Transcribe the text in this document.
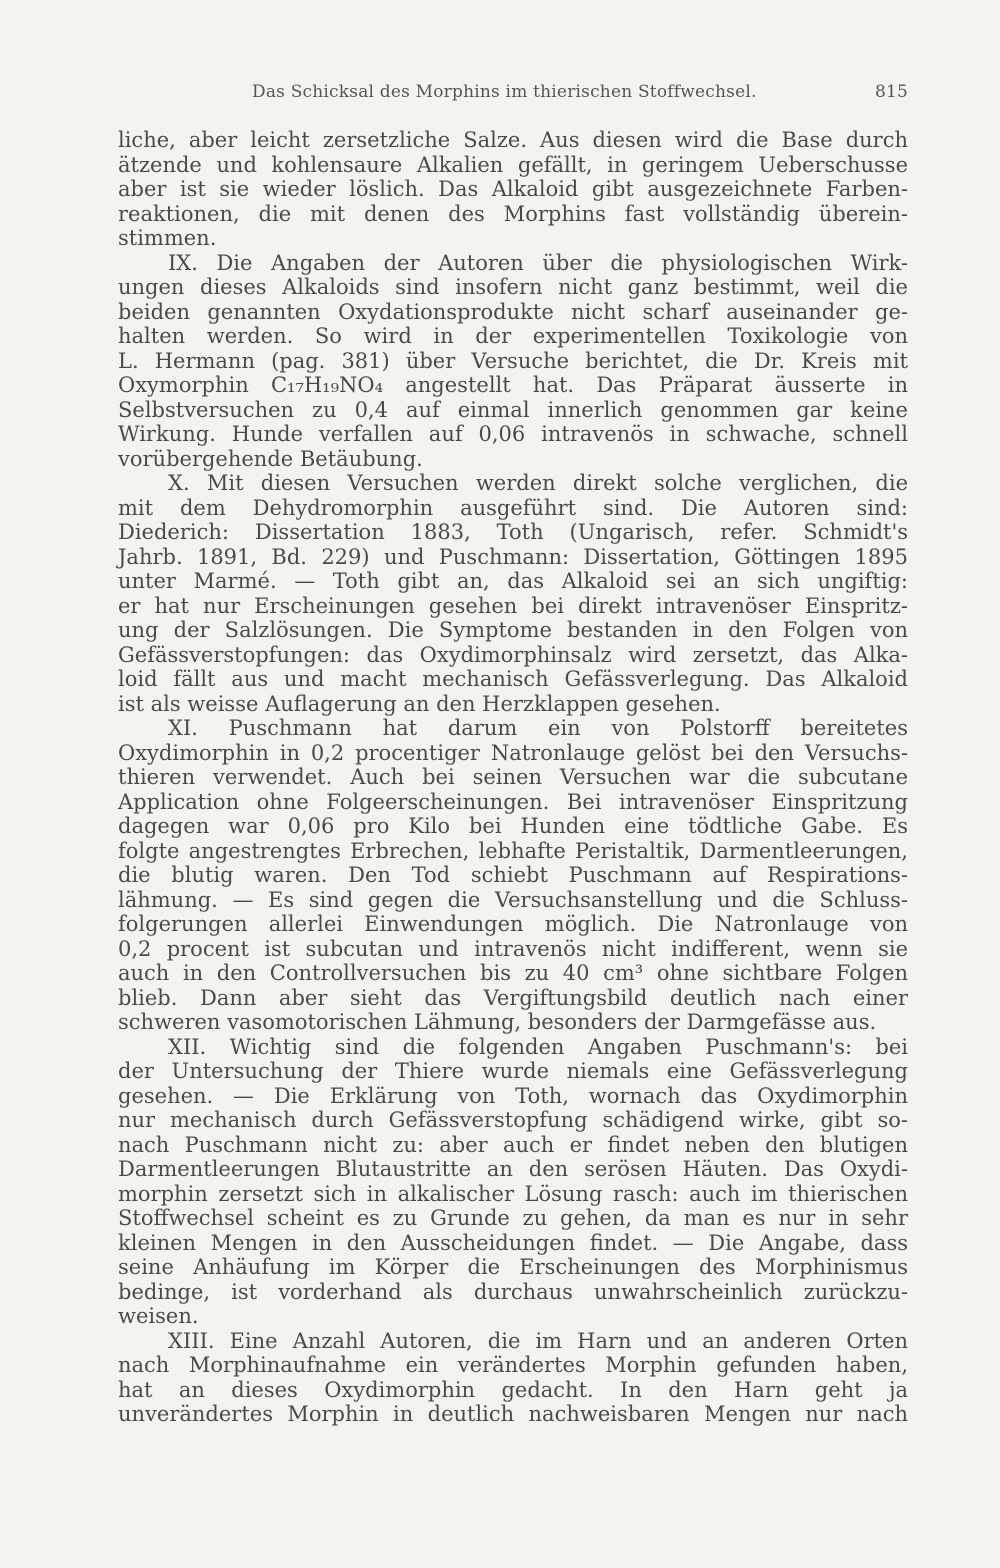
Das Schicksal des Morphins im thierischen Stoffwechsel.	815
liche, aber leicht zersetzliche Salze. Aus diesen wird die Base durch
ätzende und kohlensaure Alkalien gefällt, in geringem Ueberschusse
aber ist sie wieder löslich. Das Alkaloid gibt ausgezeichnete Farben-
reaktionen, die mit denen des Morphins fast vollständig überein-
stimmen.
IX. Die Angaben der Autoren über die physiologischen Wirk-
ungen dieses Alkaloids sind insofern nicht ganz bestimmt, weil die
beiden genannten Oxydationsprodukte nicht scharf auseinander ge-
halten werden. So wird in der experimentellen Toxikologie von
L. Hermann (pag. 381) über Versuche berichtet, die Dr. Kreis mit
Oxymorphin C₁₇H₁₉NO₄ angestellt hat. Das Präparat äusserte in
Selbstversuchen zu 0,4 auf einmal innerlich genommen gar keine
Wirkung. Hunde verfallen auf 0,06 intravenös in schwache, schnell
vorübergehende Betäubung.
X. Mit diesen Versuchen werden direkt solche verglichen, die
mit dem Dehydromorphin ausgeführt sind. Die Autoren sind:
Diederich: Dissertation 1883, Toth (Ungarisch, refer. Schmidt's
Jahrb. 1891, Bd. 229) und Puschmann: Dissertation, Göttingen 1895
unter Marmé. — Toth gibt an, das Alkaloid sei an sich ungiftig:
er hat nur Erscheinungen gesehen bei direkt intravenöser Einspritz-
ung der Salzlösungen. Die Symptome bestanden in den Folgen von
Gefässverstopfungen: das Oxydimorphinsalz wird zersetzt, das Alka-
loid fällt aus und macht mechanisch Gefässverlegung. Das Alkaloid
ist als weisse Auflagerung an den Herzklappen gesehen.
XI. Puschmann hat darum ein von Polstorff bereitetes
Oxydimorphin in 0,2 procentiger Natronlauge gelöst bei den Versuchs-
thieren verwendet. Auch bei seinen Versuchen war die subcutane
Application ohne Folgeerscheinungen. Bei intravenöser Einspritzung
dagegen war 0,06 pro Kilo bei Hunden eine tödtliche Gabe. Es
folgte angestrengtes Erbrechen, lebhafte Peristaltik, Darmentleerungen,
die blutig waren. Den Tod schiebt Puschmann auf Respirations-
lähmung. — Es sind gegen die Versuchsanstellung und die Schluss-
folgerungen allerlei Einwendungen möglich. Die Natronlauge von
0,2 procent ist subcutan und intravenös nicht indifferent, wenn sie
auch in den Controllversuchen bis zu 40 cm³ ohne sichtbare Folgen
blieb. Dann aber sieht das Vergiftungsbild deutlich nach einer
schweren vasomotorischen Lähmung, besonders der Darmgefässe aus.
XII. Wichtig sind die folgenden Angaben Puschmann's: bei
der Untersuchung der Thiere wurde niemals eine Gefässverlegung
gesehen. — Die Erklärung von Toth, wornach das Oxydimorphin
nur mechanisch durch Gefässverstopfung schädigend wirke, gibt so-
nach Puschmann nicht zu: aber auch er findet neben den blutigen
Darmentleerungen Blutaustritte an den serösen Häuten. Das Oxydi-
morphin zersetzt sich in alkalischer Lösung rasch: auch im thierischen
Stoffwechsel scheint es zu Grunde zu gehen, da man es nur in sehr
kleinen Mengen in den Ausscheidungen findet. — Die Angabe, dass
seine Anhäufung im Körper die Erscheinungen des Morphinismus
bedinge, ist vorderhand als durchaus unwahrscheinlich zurückzu-
weisen.
XIII. Eine Anzahl Autoren, die im Harn und an anderen Orten
nach Morphinaufnahme ein verändertes Morphin gefunden haben,
hat an dieses Oxydimorphin gedacht. In den Harn geht ja
unverändertes Morphin in deutlich nachweisbaren Mengen nur nach
